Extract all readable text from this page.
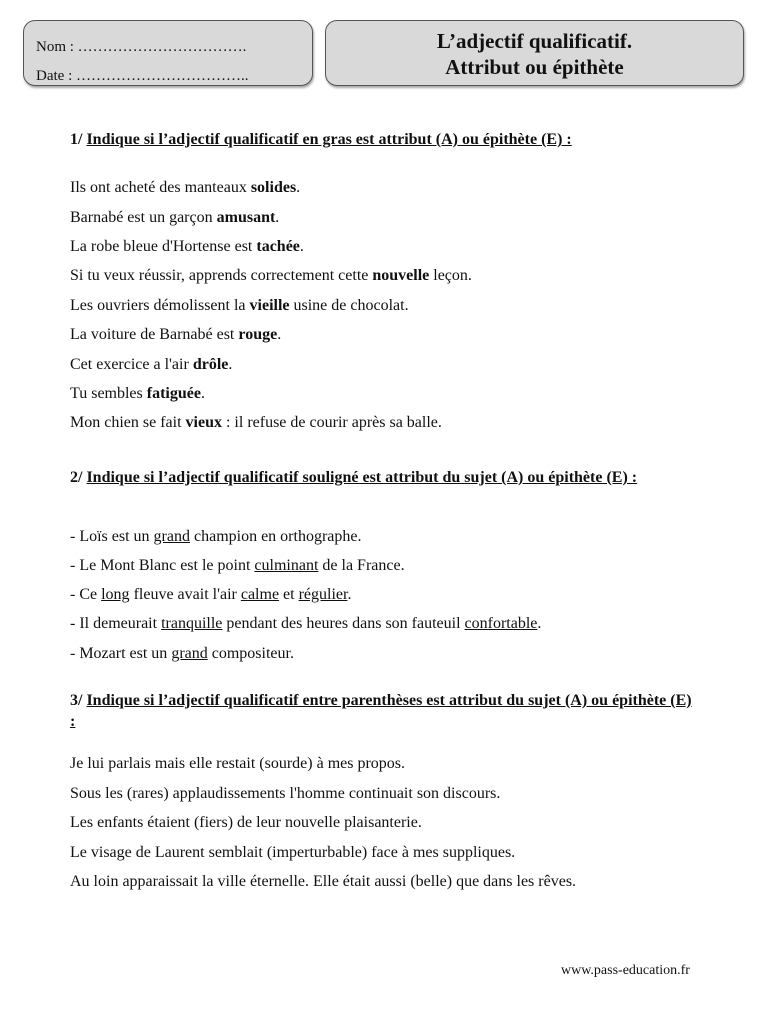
Nom : …………………………….
Date : ……………………………..
L’adjectif qualificatif.
Attribut ou épithète
1/ Indique si l’adjectif qualificatif en gras est attribut (A) ou épithète (E) :
Ils ont acheté des manteaux solides.
Barnabé est un garçon amusant.
La robe bleue d'Hortense est tachée.
Si tu veux réussir, apprends correctement cette nouvelle leçon.
Les ouvriers démolissent la vieille usine de chocolat.
La voiture de Barnabé est rouge.
Cet exercice a l'air drôle.
Tu sembles fatiguée.
Mon chien se fait vieux : il refuse de courir après sa balle.
2/ Indique si l’adjectif qualificatif souligné est attribut du sujet (A) ou épithète (E) :
- Loïs est un grand champion en orthographe.
- Le Mont Blanc est le point culminant de la France.
- Ce long fleuve avait l'air calme et régulier.
- Il demeurait tranquille pendant des heures dans son fauteuil confortable.
- Mozart est un grand compositeur.
3/ Indique si l’adjectif qualificatif entre parenthèses est attribut du sujet (A) ou épithète (E) :
Je lui parlais mais elle restait (sourde) à mes propos.
Sous les (rares) applaudissements l'homme continuait son discours.
Les enfants étaient (fiers) de leur nouvelle plaisanterie.
Le visage de Laurent semblait (imperturbable) face à mes suppliques.
Au loin apparaissait la ville éternelle. Elle était aussi (belle) que dans les rêves.
www.pass-education.fr
